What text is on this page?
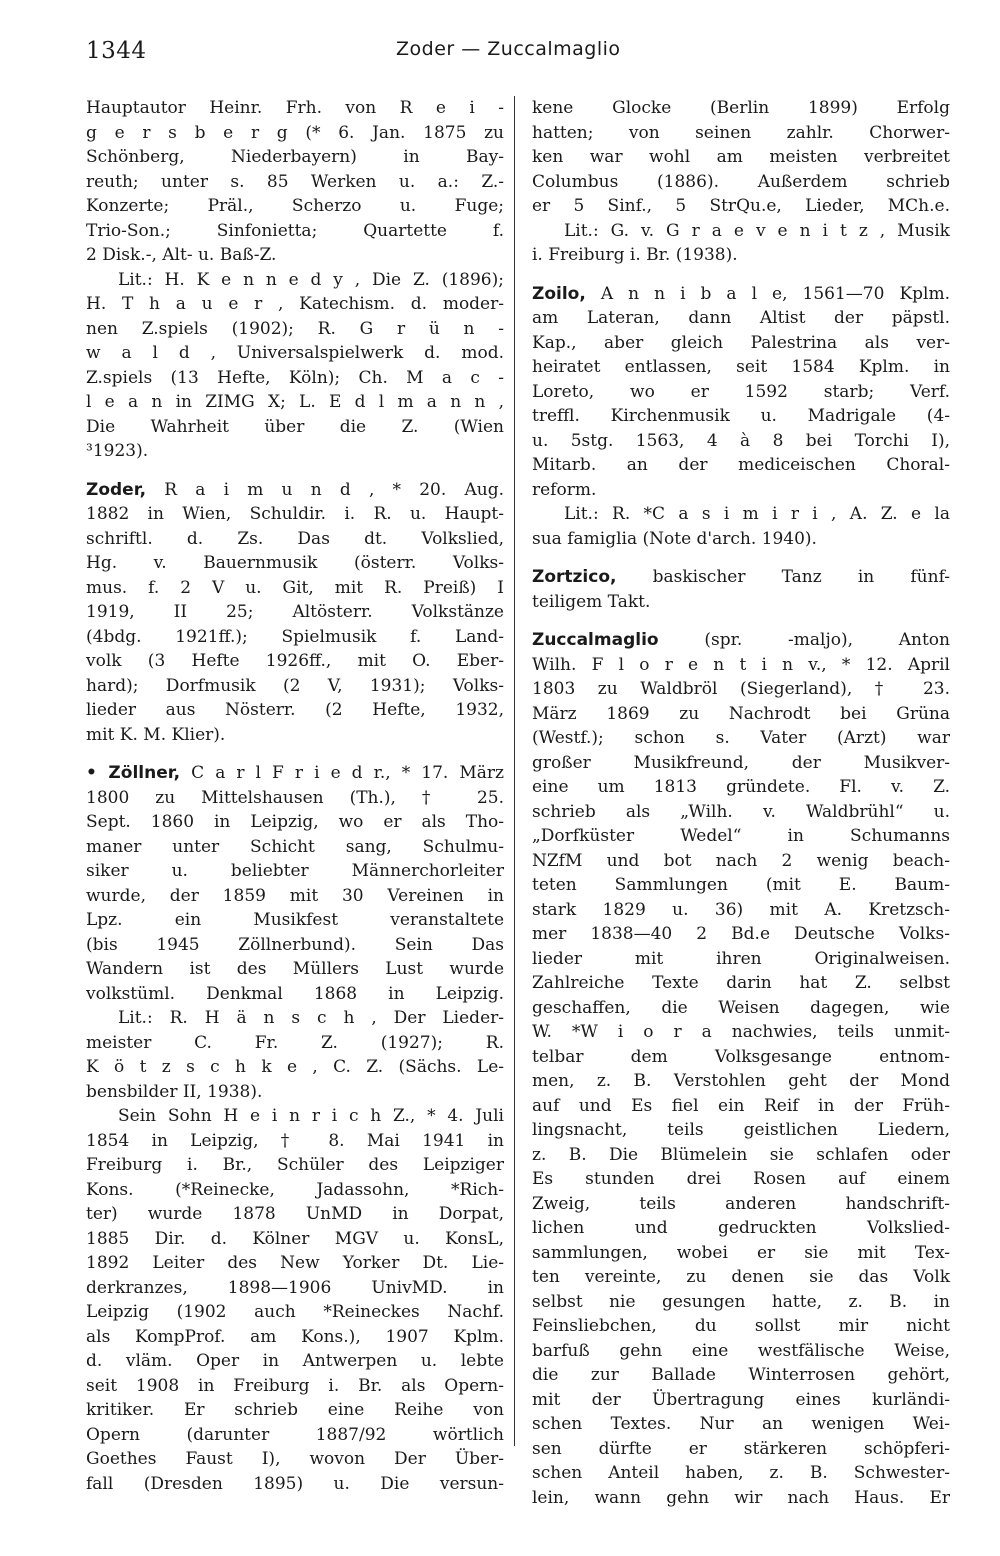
1344	Zoder — Zuccalmaglio
Hauptautor Heinr. Frh. von R e i -
g e r s b e r g (* 6. Jan. 1875 zu
Schönberg, Niederbayern) in Bay-
reuth; unter s. 85 Werken u. a.: Z.-
Konzerte; Präl., Scherzo u. Fuge;
Trio-Son.; Sinfonietta; Quartette f.
2 Disk.-, Alt- u. Baß-Z.
Lit.: H. K e n n e d y , Die Z. (1896);
H. T h a u e r , Katechism. d. moder-
nen Z.spiels (1902); R. G r ü n -
w a l d , Universalspielwerk d. mod.
Z.spiels (13 Hefte, Köln); Ch. M a c -
l e a n in ZIMG X; L. E d l m a n n ,
Die Wahrheit über die Z. (Wien
³1923).
Zoder, R a i m u n d , * 20. Aug.
1882 in Wien, Schuldir. i. R. u. Haupt-
schriftl. d. Zs. Das dt. Volkslied,
Hg. v. Bauernmusik (österr. Volks-
mus. f. 2 V u. Git, mit R. Preiß) I
1919, II 25; Altösterr. Volkstänze
(4bdg. 1921ff.); Spielmusik f. Land-
volk (3 Hefte 1926ff., mit O. Eber-
hard); Dorfmusik (2 V, 1931); Volks-
lieder aus Nösterr. (2 Hefte, 1932,
mit K. M. Klier).
• Zöllner, C a r l F r i e d r., * 17. März
1800 zu Mittelshausen (Th.), † 25.
Sept. 1860 in Leipzig, wo er als Tho-
maner unter Schicht sang, Schulmu-
siker u. beliebter Männerchorleiter
wurde, der 1859 mit 30 Vereinen in
Lpz. ein Musikfest veranstaltete
(bis 1945 Zöllnerbund). Sein Das
Wandern ist des Müllers Lust wurde
volkstüml. Denkmal 1868 in Leipzig.
Lit.: R. H ä n s c h , Der Lieder-
meister C. Fr. Z. (1927); R.
K ö t z s c h k e , C. Z. (Sächs. Le-
bensbilder II, 1938).
Sein Sohn H e i n r i c h Z., * 4. Juli
1854 in Leipzig, † 8. Mai 1941 in
Freiburg i. Br., Schüler des Leipziger
Kons. (*Reinecke, Jadassohn, *Rich-
ter) wurde 1878 UnMD in Dorpat,
1885 Dir. d. Kölner MGV u. KonsL,
1892 Leiter des New Yorker Dt. Lie-
derkranzes, 1898—1906 UnivMD. in
Leipzig (1902 auch *Reineckes Nachf.
als KompProf. am Kons.), 1907 Kplm.
d. vläm. Oper in Antwerpen u. lebte
seit 1908 in Freiburg i. Br. als Opern-
kritiker. Er schrieb eine Reihe von
Opern (darunter 1887/92 wörtlich
Goethes Faust I), wovon Der Über-
fall (Dresden 1895) u. Die versun-
kene Glocke (Berlin 1899) Erfolg
hatten; von seinen zahlr. Chorwer-
ken war wohl am meisten verbreitet
Columbus (1886). Außerdem schrieb
er 5 Sinf., 5 StrQu.e, Lieder, MCh.e.
Lit.: G. v. G r a e v e n i t z , Musik
i. Freiburg i. Br. (1938).
Zoilo, A n n i b a l e, 1561—70 Kplm.
am Lateran, dann Altist der päpstl.
Kap., aber gleich Palestrina als ver-
heiratet entlassen, seit 1584 Kplm. in
Loreto, wo er 1592 starb; Verf.
treffl. Kirchenmusik u. Madrigale (4-
u. 5stg. 1563, 4 à 8 bei Torchi I),
Mitarb. an der mediceischen Choral-
reform.
Lit.: R. *C a s i m i r i , A. Z. e la
sua famiglia (Note d'arch. 1940).
Zortzico, baskischer Tanz in fünf-
teiligem Takt.
Zuccalmaglio (spr. -maljo), Anton
Wilh. F l o r e n t i n v., * 12. April
1803 zu Waldbröl (Siegerland), † 23.
März 1869 zu Nachrodt bei Grüna
(Westf.); schon s. Vater (Arzt) war
großer Musikfreund, der Musikver-
eine um 1813 gründete. Fl. v. Z.
schrieb als „Wilh. v. Waldbrühl“ u.
„Dorfküster Wedel“ in Schumanns
NZfM und bot nach 2 wenig beach-
teten Sammlungen (mit E. Baum-
stark 1829 u. 36) mit A. Kretzsch-
mer 1838—40 2 Bd.e Deutsche Volks-
lieder mit ihren Originalweisen.
Zahlreiche Texte darin hat Z. selbst
geschaffen, die Weisen dagegen, wie
W. *W i o r a nachwies, teils unmit-
telbar dem Volksgesange entnom-
men, z. B. Verstohlen geht der Mond
auf und Es fiel ein Reif in der Früh-
lingsnacht, teils geistlichen Liedern,
z. B. Die Blümelein sie schlafen oder
Es stunden drei Rosen auf einem
Zweig, teils anderen handschrift-
lichen und gedruckten Volkslied-
sammlungen, wobei er sie mit Tex-
ten vereinte, zu denen sie das Volk
selbst nie gesungen hatte, z. B. in
Feinsliebchen, du sollst mir nicht
barfuß gehn eine westfälische Weise,
die zur Ballade Winterrosen gehört,
mit der Übertragung eines kurländi-
schen Textes. Nur an wenigen Wei-
sen dürfte er stärkeren schöpferi-
schen Anteil haben, z. B. Schwester-
lein, wann gehn wir nach Haus. Er
